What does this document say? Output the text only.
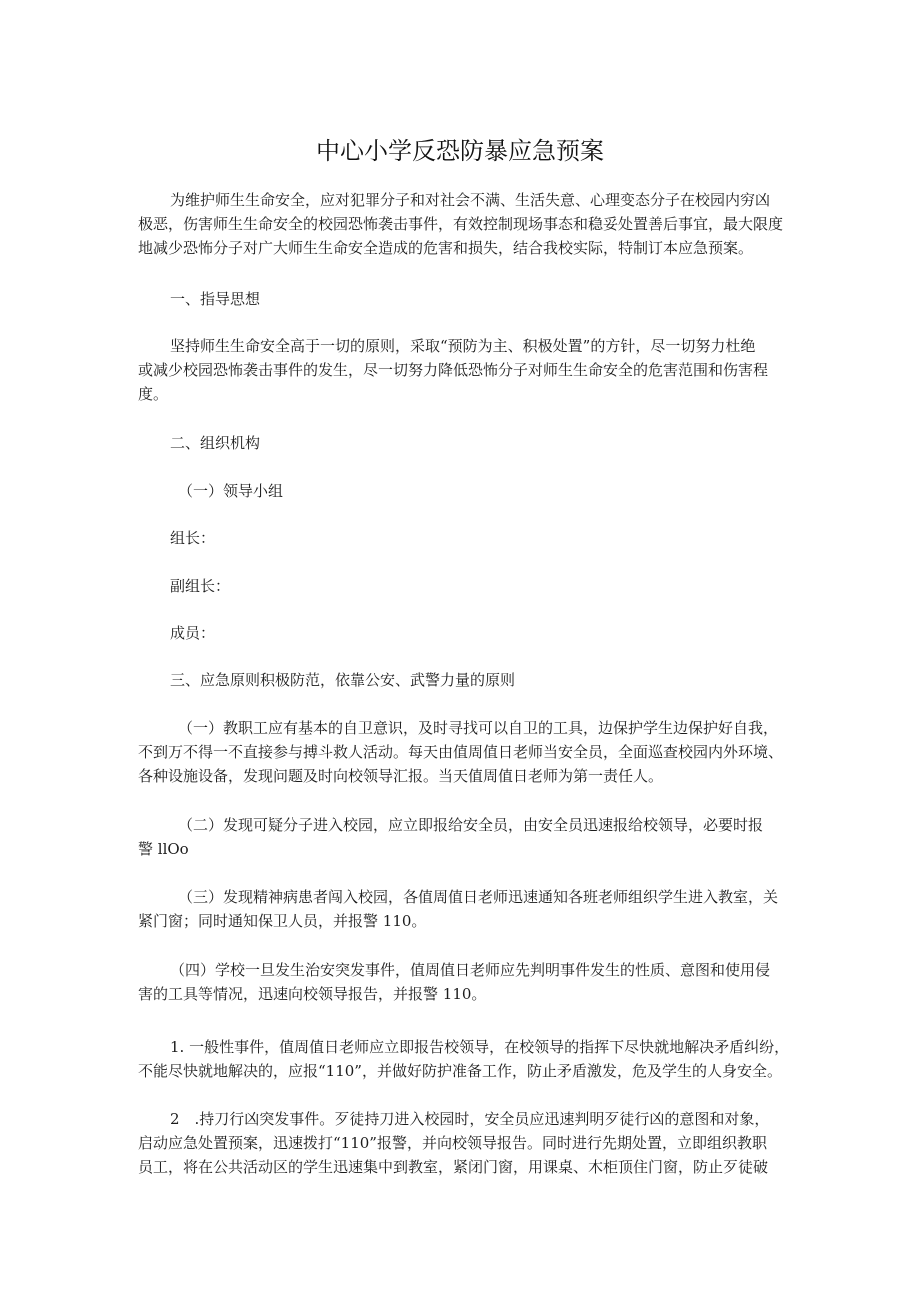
中心小学反恐防暴应急预案
为维护师生生命安全，应对犯罪分子和对社会不满、生活失意、心理变态分子在校园内穷凶
极恶，伤害师生生命安全的校园恐怖袭击事件，有效控制现场事态和稳妥处置善后事宜，最大限度
地减少恐怖分子对广大师生生命安全造成的危害和损失，结合我校实际，特制订本应急预案。
一、指导思想
坚持师生生命安全高于一切的原则，采取“预防为主、积极处置”的方针，尽一切努力杜绝
或减少校园恐怖袭击事件的发生，尽一切努力降低恐怖分子对师生生命安全的危害范围和伤害程
度。
二、组织机构
（一）领导小组
组长：
副组长：
成员：
三、应急原则积极防范，依靠公安、武警力量的原则
（一）教职工应有基本的自卫意识，及时寻找可以自卫的工具，边保护学生边保护好自我，
不到万不得一不直接参与搏斗救人活动。每天由值周值日老师当安全员，全面巡查校园内外环境、
各种设施设备，发现问题及时向校领导汇报。当天值周值日老师为第一责任人。
（二）发现可疑分子进入校园，应立即报给安全员，由安全员迅速报给校领导，必要时报
警 llOo
（三）发现精神病患者闯入校园，各值周值日老师迅速通知各班老师组织学生进入教室，关
紧门窗；同时通知保卫人员，并报警 110。
（四）学校一旦发生治安突发事件，值周值日老师应先判明事件发生的性质、意图和使用侵
害的工具等情况，迅速向校领导报告，并报警 110。
1. 一般性事件，值周值日老师应立即报告校领导，在校领导的指挥下尽快就地解决矛盾纠纷，
不能尽快就地解决的，应报“110”，并做好防护准备工作，防止矛盾激发，危及学生的人身安全。
2　.持刀行凶突发事件。歹徒持刀进入校园时，安全员应迅速判明歹徒行凶的意图和对象，
启动应急处置预案，迅速拨打“110”报警，并向校领导报告。同时进行先期处置，立即组织教职
员工，将在公共活动区的学生迅速集中到教室，紧闭门窗，用课桌、木柜顶住门窗，防止歹徒破
